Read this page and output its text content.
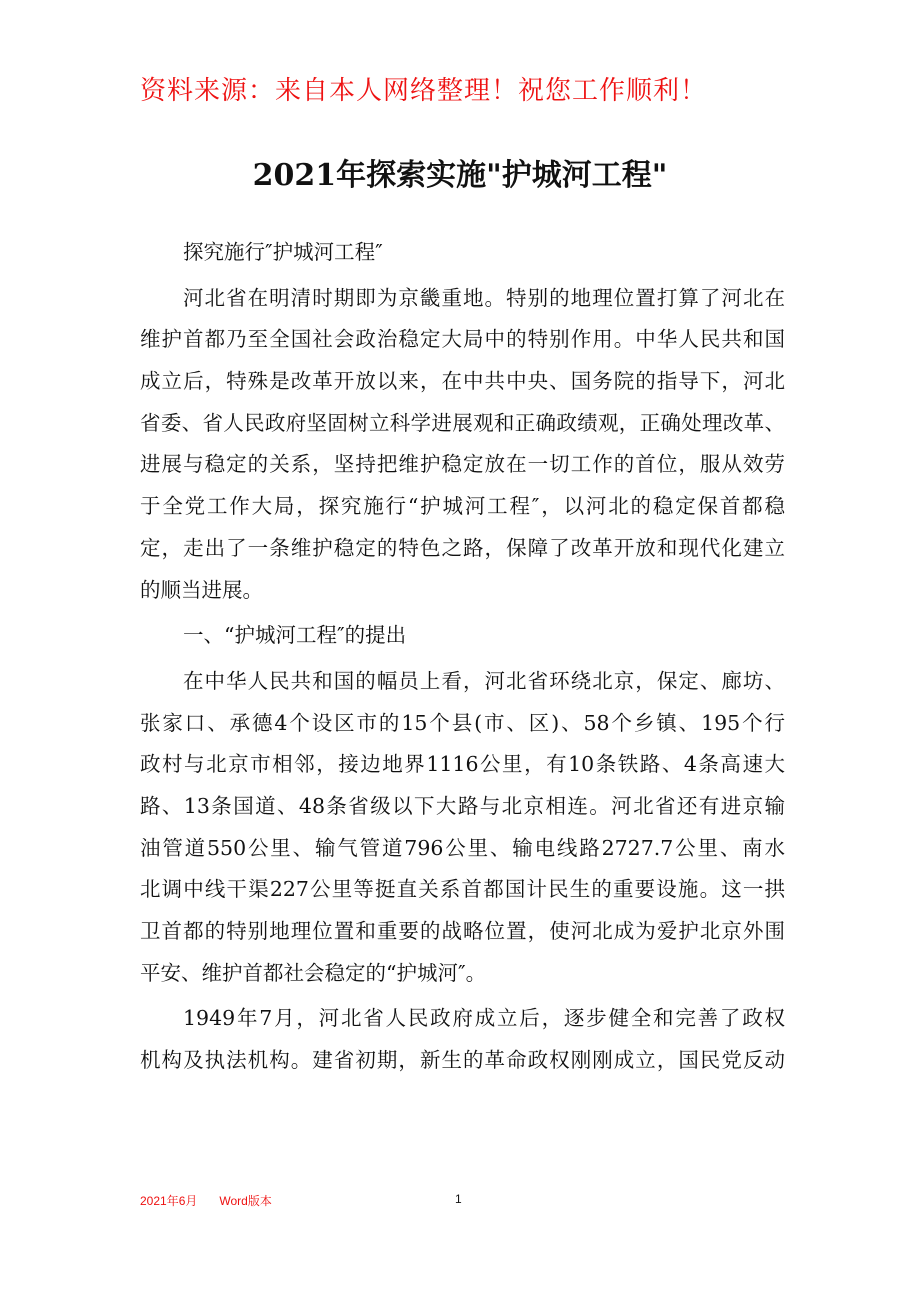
资料来源：来自本人网络整理！祝您工作顺利！
2021年探索实施"护城河工程"
探究施行″护城河工程″
河北省在明清时期即为京畿重地。特别的地理位置打算了河北在
维护首都乃至全国社会政治稳定大局中的特别作用。中华人民共和国
成立后，特殊是改革开放以来，在中共中央、国务院的指导下，河北
省委、省人民政府坚固树立科学进展观和正确政绩观，正确处理改革、
进展与稳定的关系，坚持把维护稳定放在一切工作的首位，服从效劳
于全党工作大局，探究施行“护城河工程″，以河北的稳定保首都稳
定，走出了一条维护稳定的特色之路，保障了改革开放和现代化建立
的顺当进展。
一、“护城河工程″的提出
在中华人民共和国的幅员上看，河北省环绕北京，保定、廊坊、
张家口、承德4个设区市的15个县(市、区)、58个乡镇、195个行
政村与北京市相邻，接边地界1116公里，有10条铁路、4条高速大
路、13条国道、48条省级以下大路与北京相连。河北省还有进京输
油管道550公里、输气管道796公里、输电线路2727.7公里、南水
北调中线干渠227公里等挺直关系首都国计民生的重要设施。这一拱
卫首都的特别地理位置和重要的战略位置，使河北成为爱护北京外围
平安、维护首都社会稳定的“护城河″。
1949年7月，河北省人民政府成立后，逐步健全和完善了政权
机构及执法机构。建省初期，新生的革命政权刚刚成立，国民党反动
2021年6月 Word版本	1
